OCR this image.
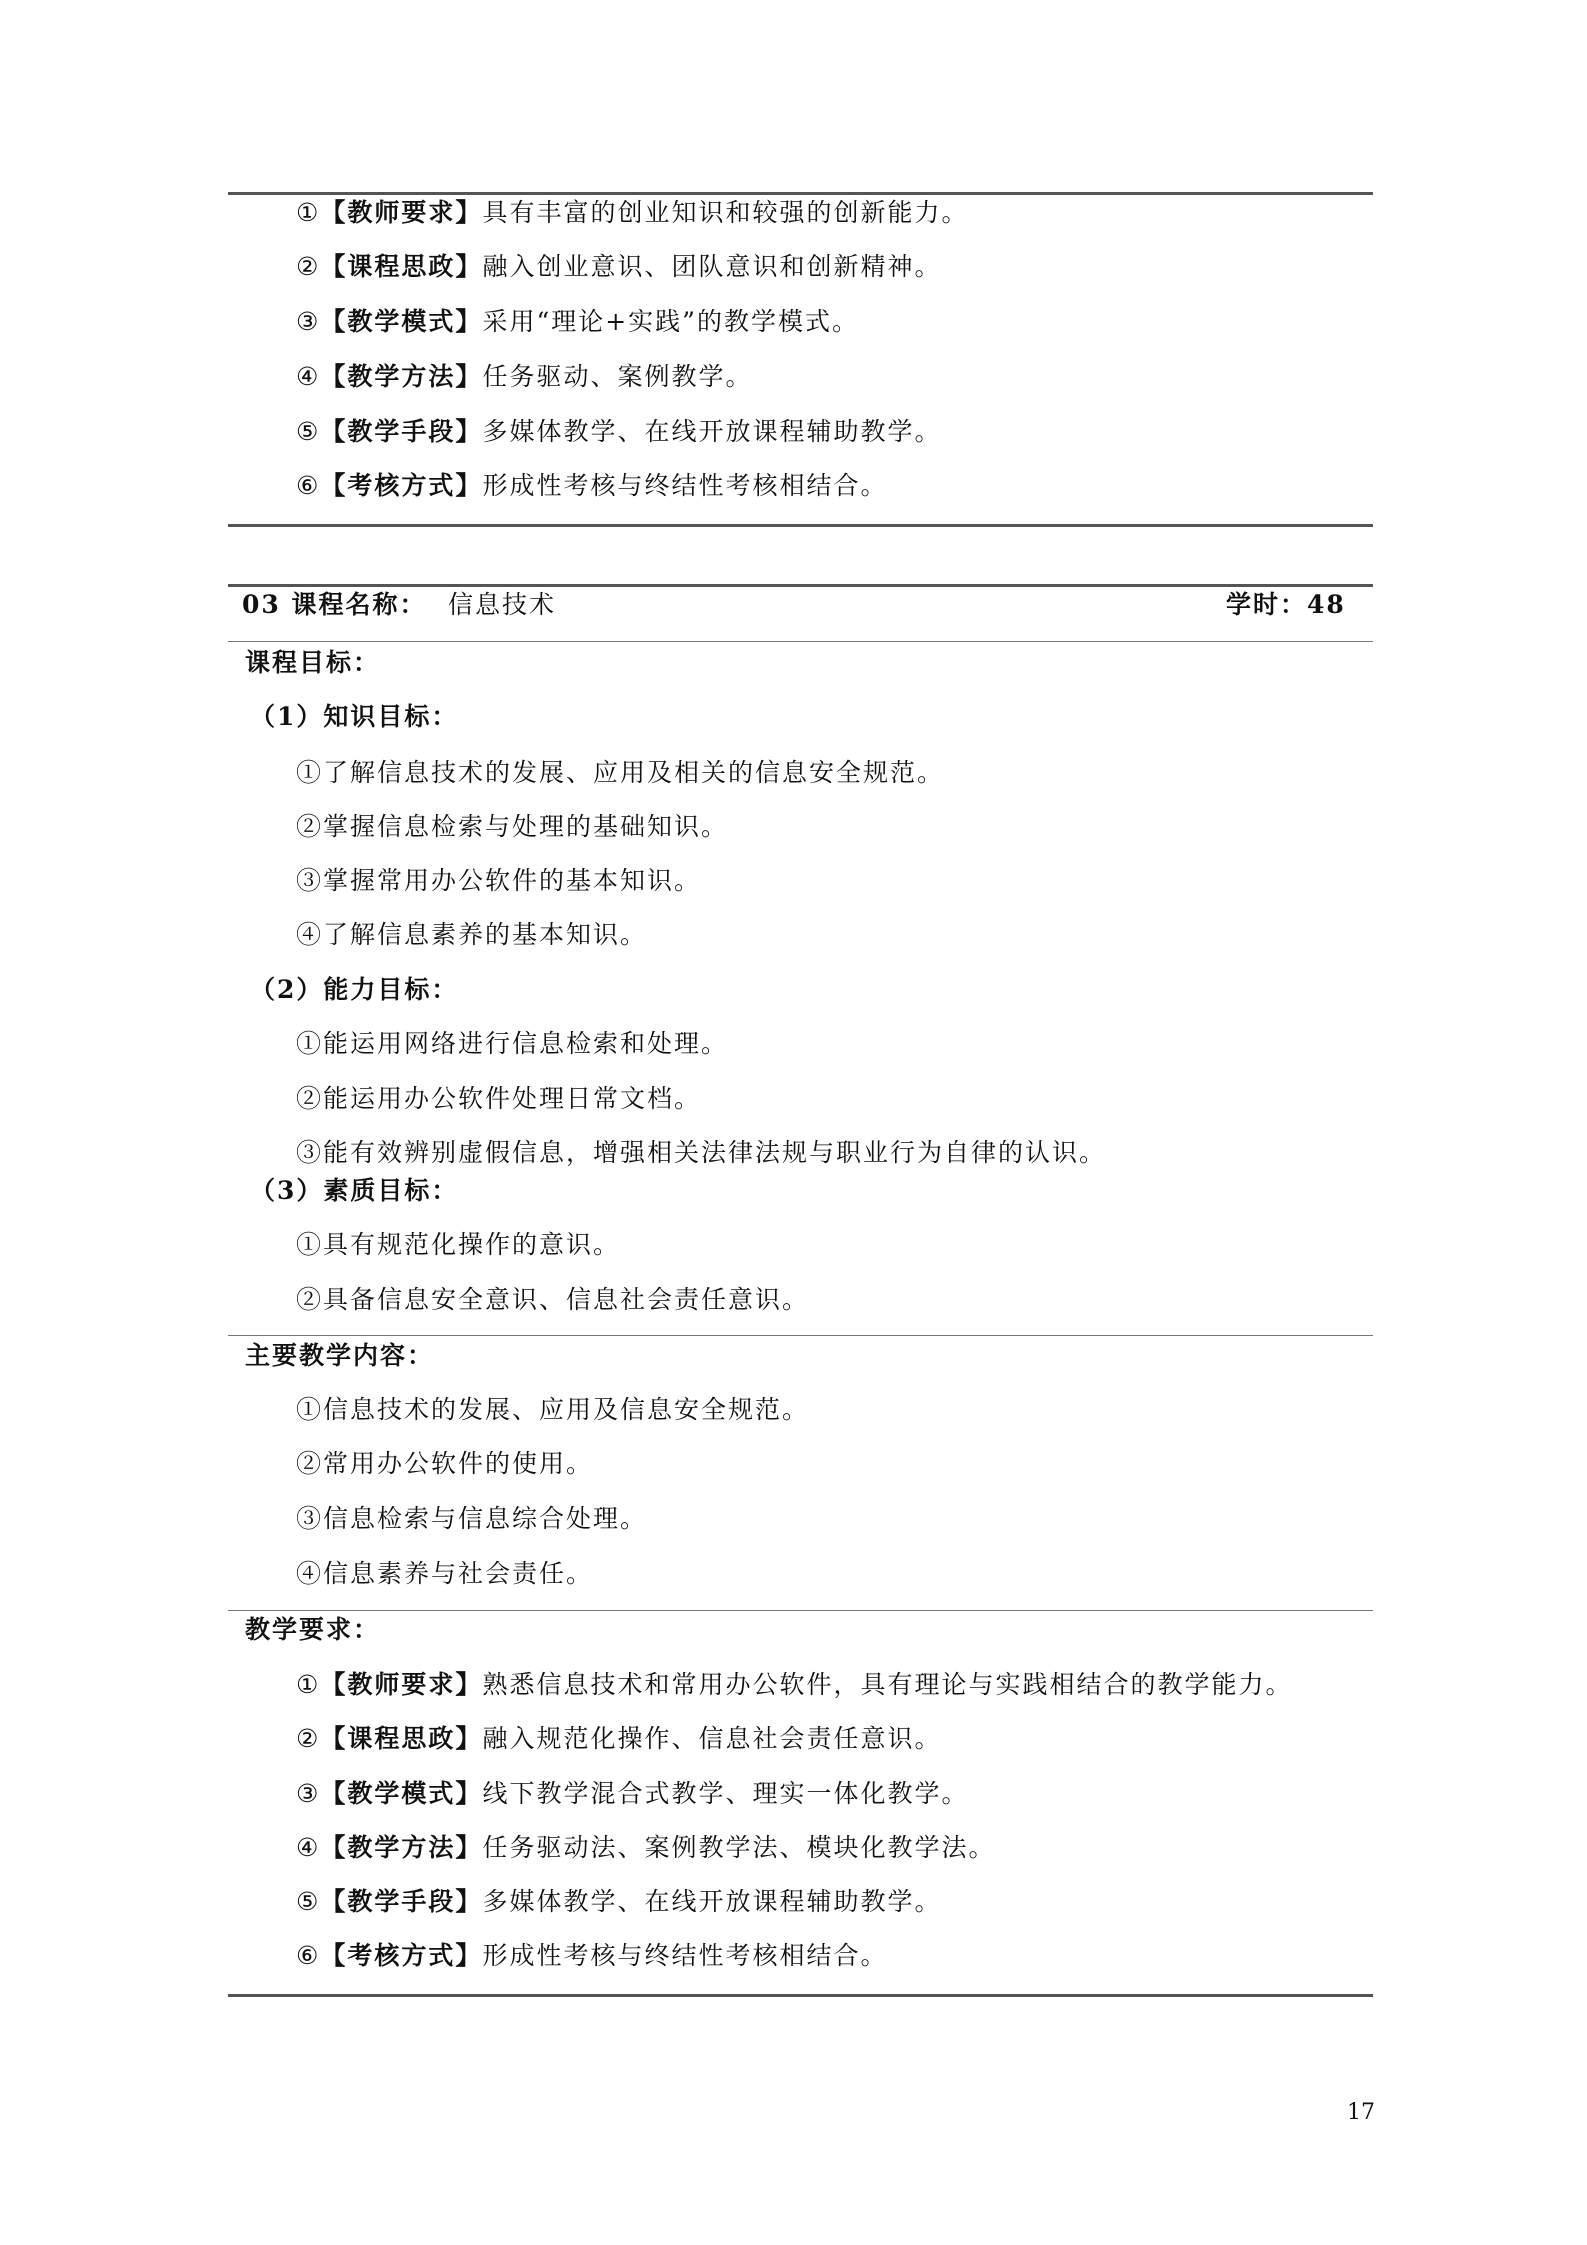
①【教师要求】具有丰富的创业知识和较强的创新能力。
②【课程思政】融入创业意识、团队意识和创新精神。
③【教学模式】采用“理论+实践”的教学模式。
④【教学方法】任务驱动、案例教学。
⑤【教学手段】多媒体教学、在线开放课程辅助教学。
⑥【考核方式】形成性考核与终结性考核相结合。
03 课程名称： 信息技术	学时：48
课程目标：
（1）知识目标：
①了解信息技术的发展、应用及相关的信息安全规范。
②掌握信息检索与处理的基础知识。
③掌握常用办公软件的基本知识。
④了解信息素养的基本知识。
（2）能力目标：
①能运用网络进行信息检索和处理。
②能运用办公软件处理日常文档。
③能有效辨别虚假信息，增强相关法律法规与职业行为自律的认识。
（3）素质目标：
①具有规范化操作的意识。
②具备信息安全意识、信息社会责任意识。
主要教学内容：
①信息技术的发展、应用及信息安全规范。
②常用办公软件的使用。
③信息检索与信息综合处理。
④信息素养与社会责任。
教学要求：
①【教师要求】熟悉信息技术和常用办公软件，具有理论与实践相结合的教学能力。
②【课程思政】融入规范化操作、信息社会责任意识。
③【教学模式】线下教学混合式教学、理实一体化教学。
④【教学方法】任务驱动法、案例教学法、模块化教学法。
⑤【教学手段】多媒体教学、在线开放课程辅助教学。
⑥【考核方式】形成性考核与终结性考核相结合。
17
